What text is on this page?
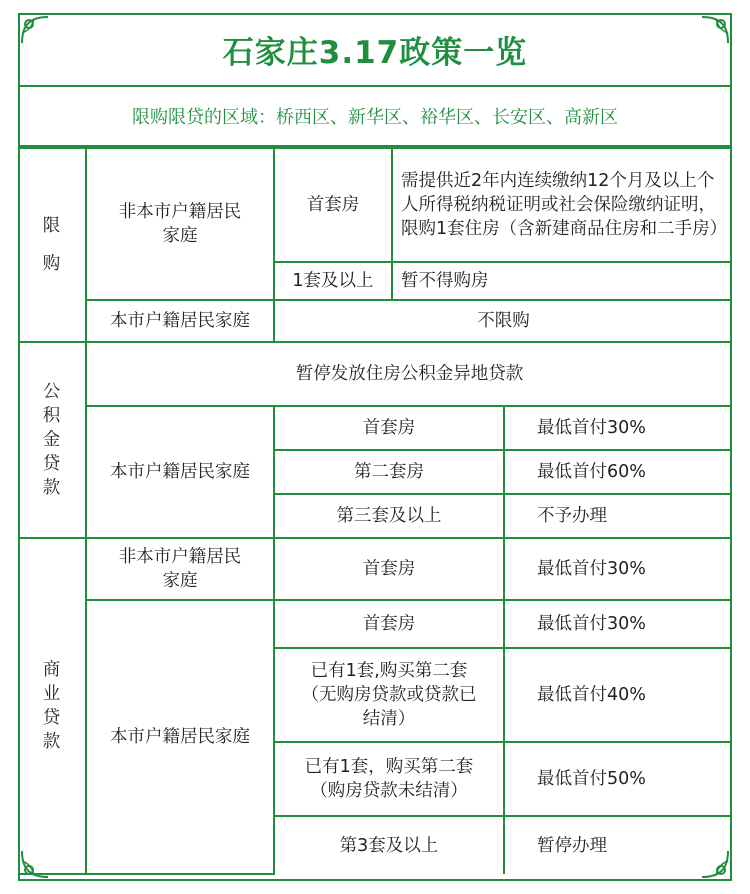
石家庄3.17政策一览
限购限贷的区域：桥西区、新华区、裕华区、长安区、高新区
限购	非本市户籍居民家庭	首套房	需提供近2年内连续缴纳12个月及以上个人所得税纳税证明或社会保险缴纳证明，限购1套住房（含新建商品住房和二手房）	
		1套及以上	暂不得购房	
	本市户籍居民家庭	不限购		
公积金贷款	暂停发放住房公积金异地贷款			
	本市户籍居民家庭	首套房		最低首付30%
		第二套房		最低首付60%
		第三套及以上		不予办理
商业贷款	非本市户籍居民家庭	首套房		最低首付30%
	本市户籍居民家庭	首套房		最低首付30%
		已有1套,购买第二套（无购房贷款或贷款已结清）		最低首付40%
		已有1套，购买第二套（购房贷款未结清）		最低首付50%
		第3套及以上		暂停办理
